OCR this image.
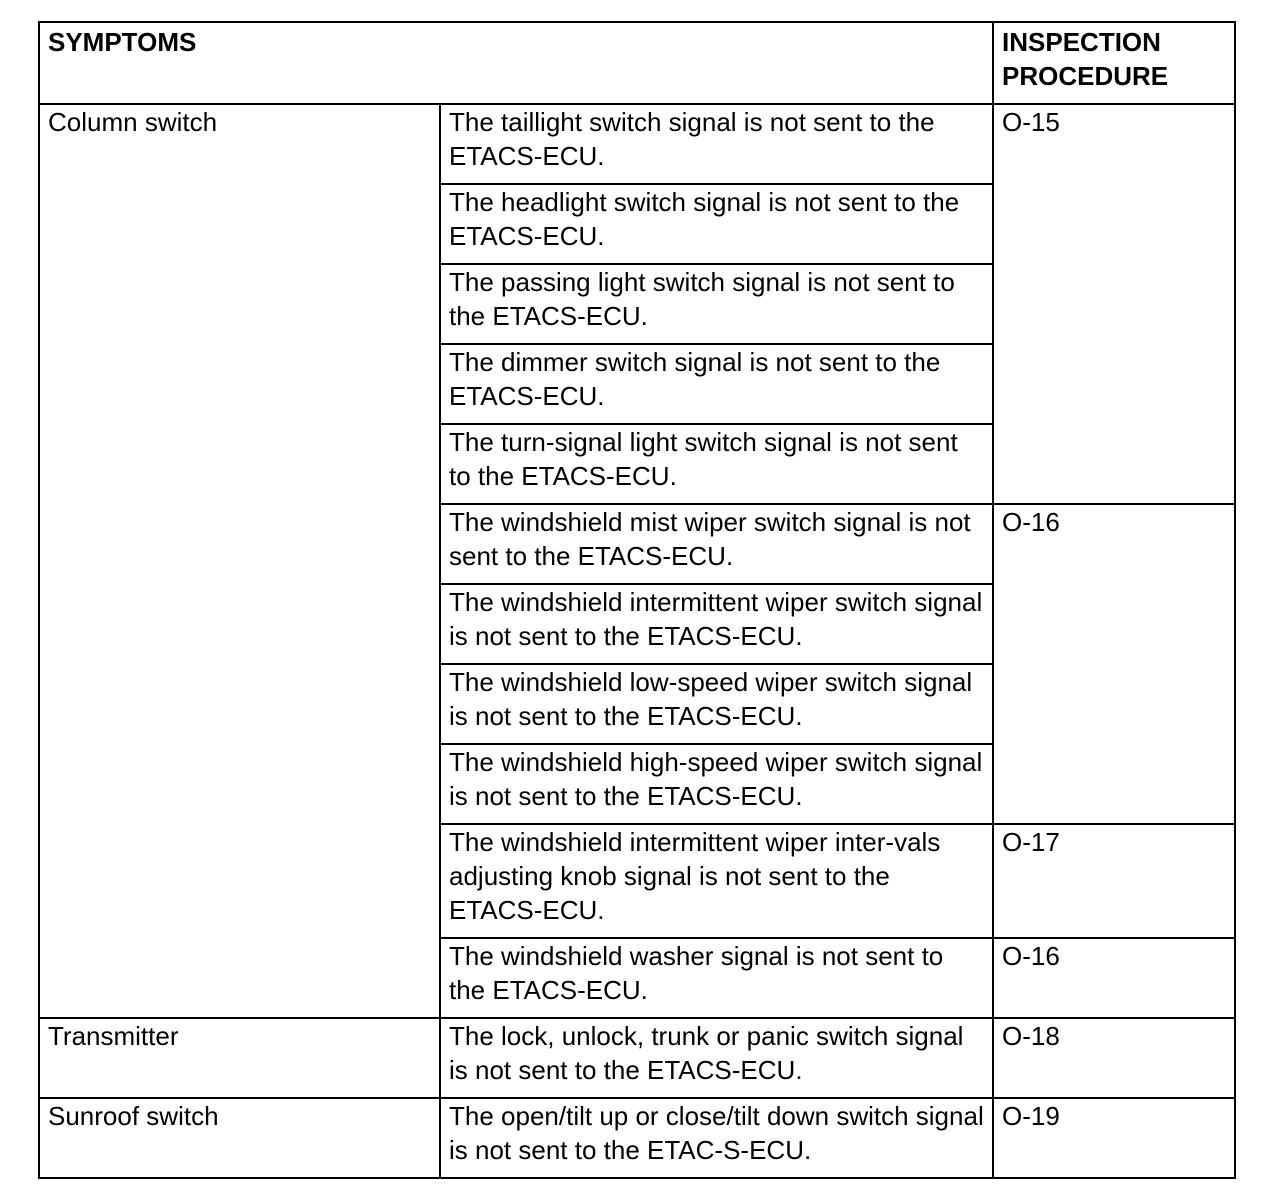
SYMPTOMS		INSPECTION
PROCEDURE

Column switch	The taillight switch signal is not sent to the ETACS-ECU.	O-15
	The headlight switch signal is not sent to the ETACS-ECU.	
	The passing light switch signal is not sent to the ETACS-ECU.	
	The dimmer switch signal is not sent to the ETACS-ECU.	
	The turn-signal light switch signal is not sent to the ETACS-ECU.	
	The windshield mist wiper switch signal is not sent to the ETACS-ECU.	O-16
	The windshield intermittent wiper switch signal is not sent to the ETACS-ECU.	
	The windshield low-speed wiper switch signal is not sent to the ETACS-ECU.	
	The windshield high-speed wiper switch signal is not sent to the ETACS-ECU.	
	The windshield intermittent wiper inter-vals adjusting knob signal is not sent to the ETACS-ECU.	O-17
	The windshield washer signal is not sent to the ETACS-ECU.	O-16
Transmitter	The lock, unlock, trunk or panic switch signal is not sent to the ETACS-ECU.	O-18
Sunroof switch	The open/tilt up or close/tilt down switch signal is not sent to the ETAC-S-ECU.	O-19
